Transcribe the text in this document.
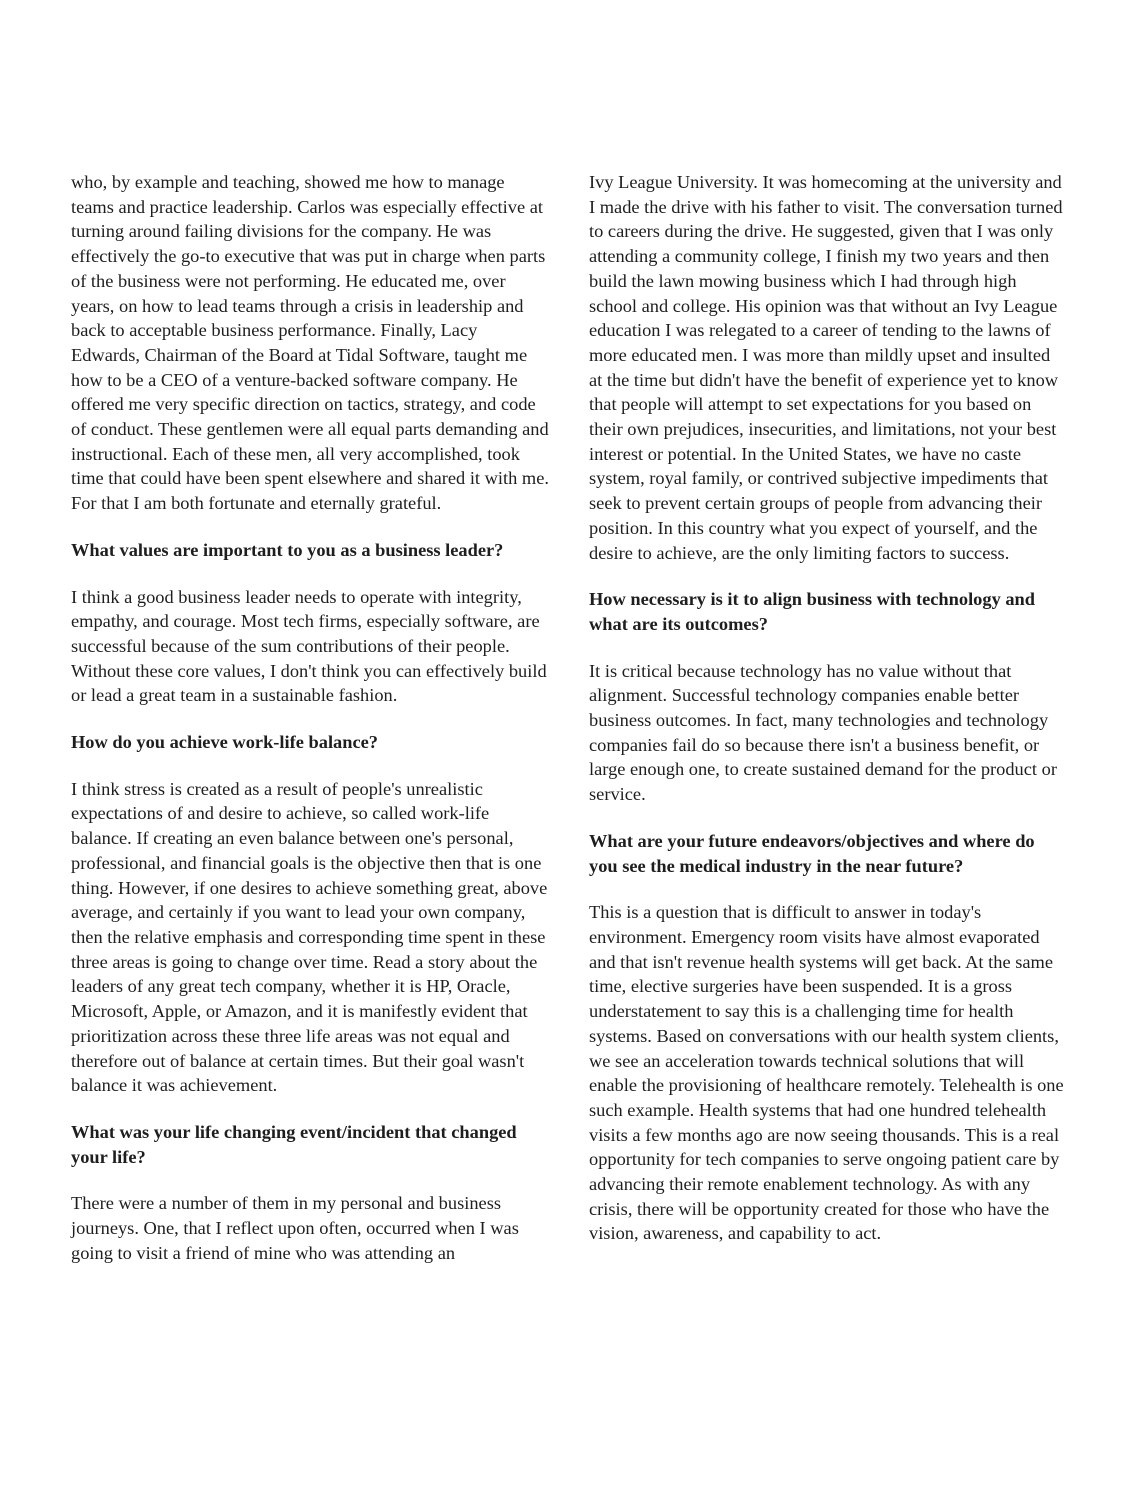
who, by example and teaching, showed me how to manage teams and practice leadership. Carlos was especially effective at turning around failing divisions for the company. He was effectively the go-to executive that was put in charge when parts of the business were not performing. He educated me, over years, on how to lead teams through a crisis in leadership and back to acceptable business performance. Finally, Lacy Edwards, Chairman of the Board at Tidal Software, taught me how to be a CEO of a venture-backed software company. He offered me very specific direction on tactics, strategy, and code of conduct. These gentlemen were all equal parts demanding and instructional. Each of these men, all very accomplished, took time that could have been spent elsewhere and shared it with me. For that I am both fortunate and eternally grateful.

What values are important to you as a business leader?

I think a good business leader needs to operate with integrity, empathy, and courage. Most tech firms, especially software, are successful because of the sum contributions of their people. Without these core values, I don't think you can effectively build or lead a great team in a sustainable fashion.

How do you achieve work-life balance?

I think stress is created as a result of people's unrealistic expectations of and desire to achieve, so called work-life balance. If creating an even balance between one's personal, professional, and financial goals is the objective then that is one thing. However, if one desires to achieve something great, above average, and certainly if you want to lead your own company, then the relative emphasis and corresponding time spent in these three areas is going to change over time. Read a story about the leaders of any great tech company, whether it is HP, Oracle, Microsoft, Apple, or Amazon, and it is manifestly evident that prioritization across these three life areas was not equal and therefore out of balance at certain times. But their goal wasn't balance it was achievement.

What was your life changing event/incident that changed your life?

There were a number of them in my personal and business journeys. One, that I reflect upon often, occurred when I was going to visit a friend of mine who was attending an

Ivy League University. It was homecoming at the university and I made the drive with his father to visit. The conversation turned to careers during the drive. He suggested, given that I was only attending a community college, I finish my two years and then build the lawn mowing business which I had through high school and college. His opinion was that without an Ivy League education I was relegated to a career of tending to the lawns of more educated men. I was more than mildly upset and insulted at the time but didn't have the benefit of experience yet to know that people will attempt to set expectations for you based on their own prejudices, insecurities, and limitations, not your best interest or potential. In the United States, we have no caste system, royal family, or contrived subjective impediments that seek to prevent certain groups of people from advancing their position. In this country what you expect of yourself, and the desire to achieve, are the only limiting factors to success.

How necessary is it to align business with technology and what are its outcomes?

It is critical because technology has no value without that alignment. Successful technology companies enable better business outcomes. In fact, many technologies and technology companies fail do so because there isn't a business benefit, or large enough one, to create sustained demand for the product or service.

What are your future endeavors/objectives and where do you see the medical industry in the near future?

This is a question that is difficult to answer in today's environment. Emergency room visits have almost evaporated and that isn't revenue health systems will get back. At the same time, elective surgeries have been suspended. It is a gross understatement to say this is a challenging time for health systems. Based on conversations with our health system clients, we see an acceleration towards technical solutions that will enable the provisioning of healthcare remotely. Telehealth is one such example. Health systems that had one hundred telehealth visits a few months ago are now seeing thousands. This is a real opportunity for tech companies to serve ongoing patient care by advancing their remote enablement technology. As with any crisis, there will be opportunity created for those who have the vision, awareness, and capability to act.
